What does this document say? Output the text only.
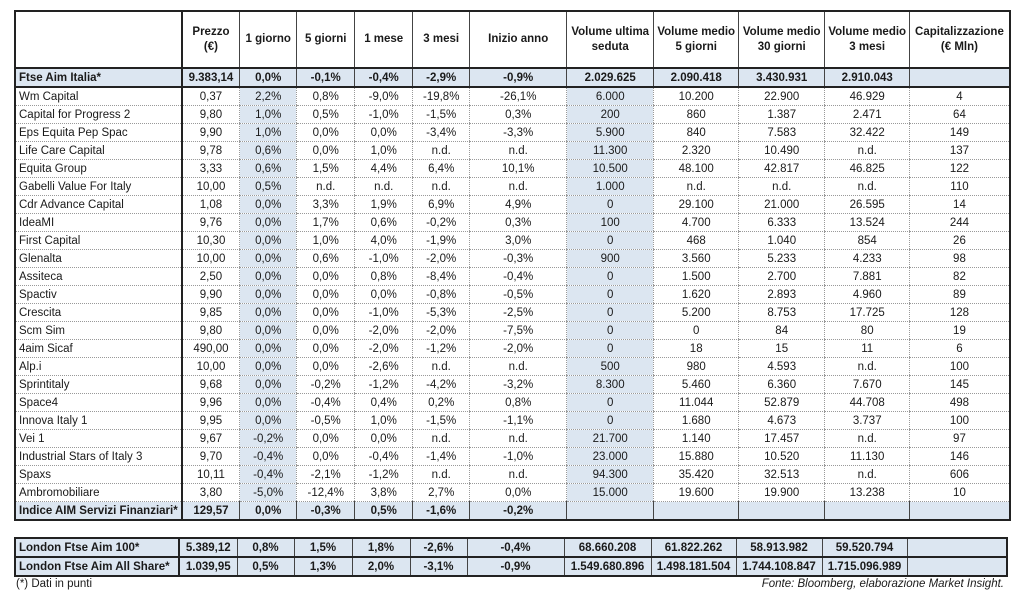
	Prezzo (€)	1 giorno	5 giorni	1 mese	3 mesi	Inizio anno	Volume ultima seduta	Volume medio 5 giorni	Volume medio 30 giorni	Volume medio 3 mesi	Capitalizzazione (€ Mln)
Ftse Aim Italia*	9.383,14	0,0%	-0,1%	-0,4%	-2,9%	-0,9%	2.029.625	2.090.418	3.430.931	2.910.043	
Wm Capital	0,37	2,2%	0,8%	-9,0%	-19,8%	-26,1%	6.000	10.200	22.900	46.929	4
Capital for Progress 2	9,80	1,0%	0,5%	-1,0%	-1,5%	0,3%	200	860	1.387	2.471	64
Eps Equita Pep Spac	9,90	1,0%	0,0%	0,0%	-3,4%	-3,3%	5.900	840	7.583	32.422	149
Life Care Capital	9,78	0,6%	0,0%	1,0%	n.d.	n.d.	11.300	2.320	10.490	n.d.	137
Equita Group	3,33	0,6%	1,5%	4,4%	6,4%	10,1%	10.500	48.100	42.817	46.825	122
Gabelli Value For Italy	10,00	0,5%	n.d.	n.d.	n.d.	n.d.	1.000	n.d.	n.d.	n.d.	110
Cdr Advance Capital	1,08	0,0%	3,3%	1,9%	6,9%	4,9%	0	29.100	21.000	26.595	14
IdeaMI	9,76	0,0%	1,7%	0,6%	-0,2%	0,3%	100	4.700	6.333	13.524	244
First Capital	10,30	0,0%	1,0%	4,0%	-1,9%	3,0%	0	468	1.040	854	26
Glenalta	10,00	0,0%	0,6%	-1,0%	-2,0%	-0,3%	900	3.560	5.233	4.233	98
Assiteca	2,50	0,0%	0,0%	0,8%	-8,4%	-0,4%	0	1.500	2.700	7.881	82
Spactiv	9,90	0,0%	0,0%	0,0%	-0,8%	-0,5%	0	1.620	2.893	4.960	89
Crescita	9,85	0,0%	0,0%	-1,0%	-5,3%	-2,5%	0	5.200	8.753	17.725	128
Scm Sim	9,80	0,0%	0,0%	-2,0%	-2,0%	-7,5%	0	0	84	80	19
4aim Sicaf	490,00	0,0%	0,0%	-2,0%	-1,2%	-2,0%	0	18	15	11	6
Alp.i	10,00	0,0%	0,0%	-2,6%	n.d.	n.d.	500	980	4.593	n.d.	100
Sprintitaly	9,68	0,0%	-0,2%	-1,2%	-4,2%	-3,2%	8.300	5.460	6.360	7.670	145
Space4	9,96	0,0%	-0,4%	0,4%	0,2%	0,8%	0	11.044	52.879	44.708	498
Innova Italy 1	9,95	0,0%	-0,5%	1,0%	-1,5%	-1,1%	0	1.680	4.673	3.737	100
Vei 1	9,67	-0,2%	0,0%	0,0%	n.d.	n.d.	21.700	1.140	17.457	n.d.	97
Industrial Stars of Italy 3	9,70	-0,4%	0,0%	-0,4%	-1,4%	-1,0%	23.000	15.880	10.520	11.130	146
Spaxs	10,11	-0,4%	-2,1%	-1,2%	n.d.	n.d.	94.300	35.420	32.513	n.d.	606
Ambromobiliare	3,80	-5,0%	-12,4%	3,8%	2,7%	0,0%	15.000	19.600	19.900	13.238	10
Indice AIM Servizi Finanziari*	129,57	0,0%	-0,3%	0,5%	-1,6%	-0,2%					
London Ftse Aim 100*	5.389,12	0,8%	1,5%	1,8%	-2,6%	-0,4%	68.660.208	61.822.262	58.913.982	59.520.794	
London Ftse Aim All Share*	1.039,95	0,5%	1,3%	2,0%	-3,1%	-0,9%	1.549.680.896	1.498.181.504	1.744.108.847	1.715.096.989	
(*) Dati in punti	Fonte: Bloomberg, elaborazione Market Insight.
